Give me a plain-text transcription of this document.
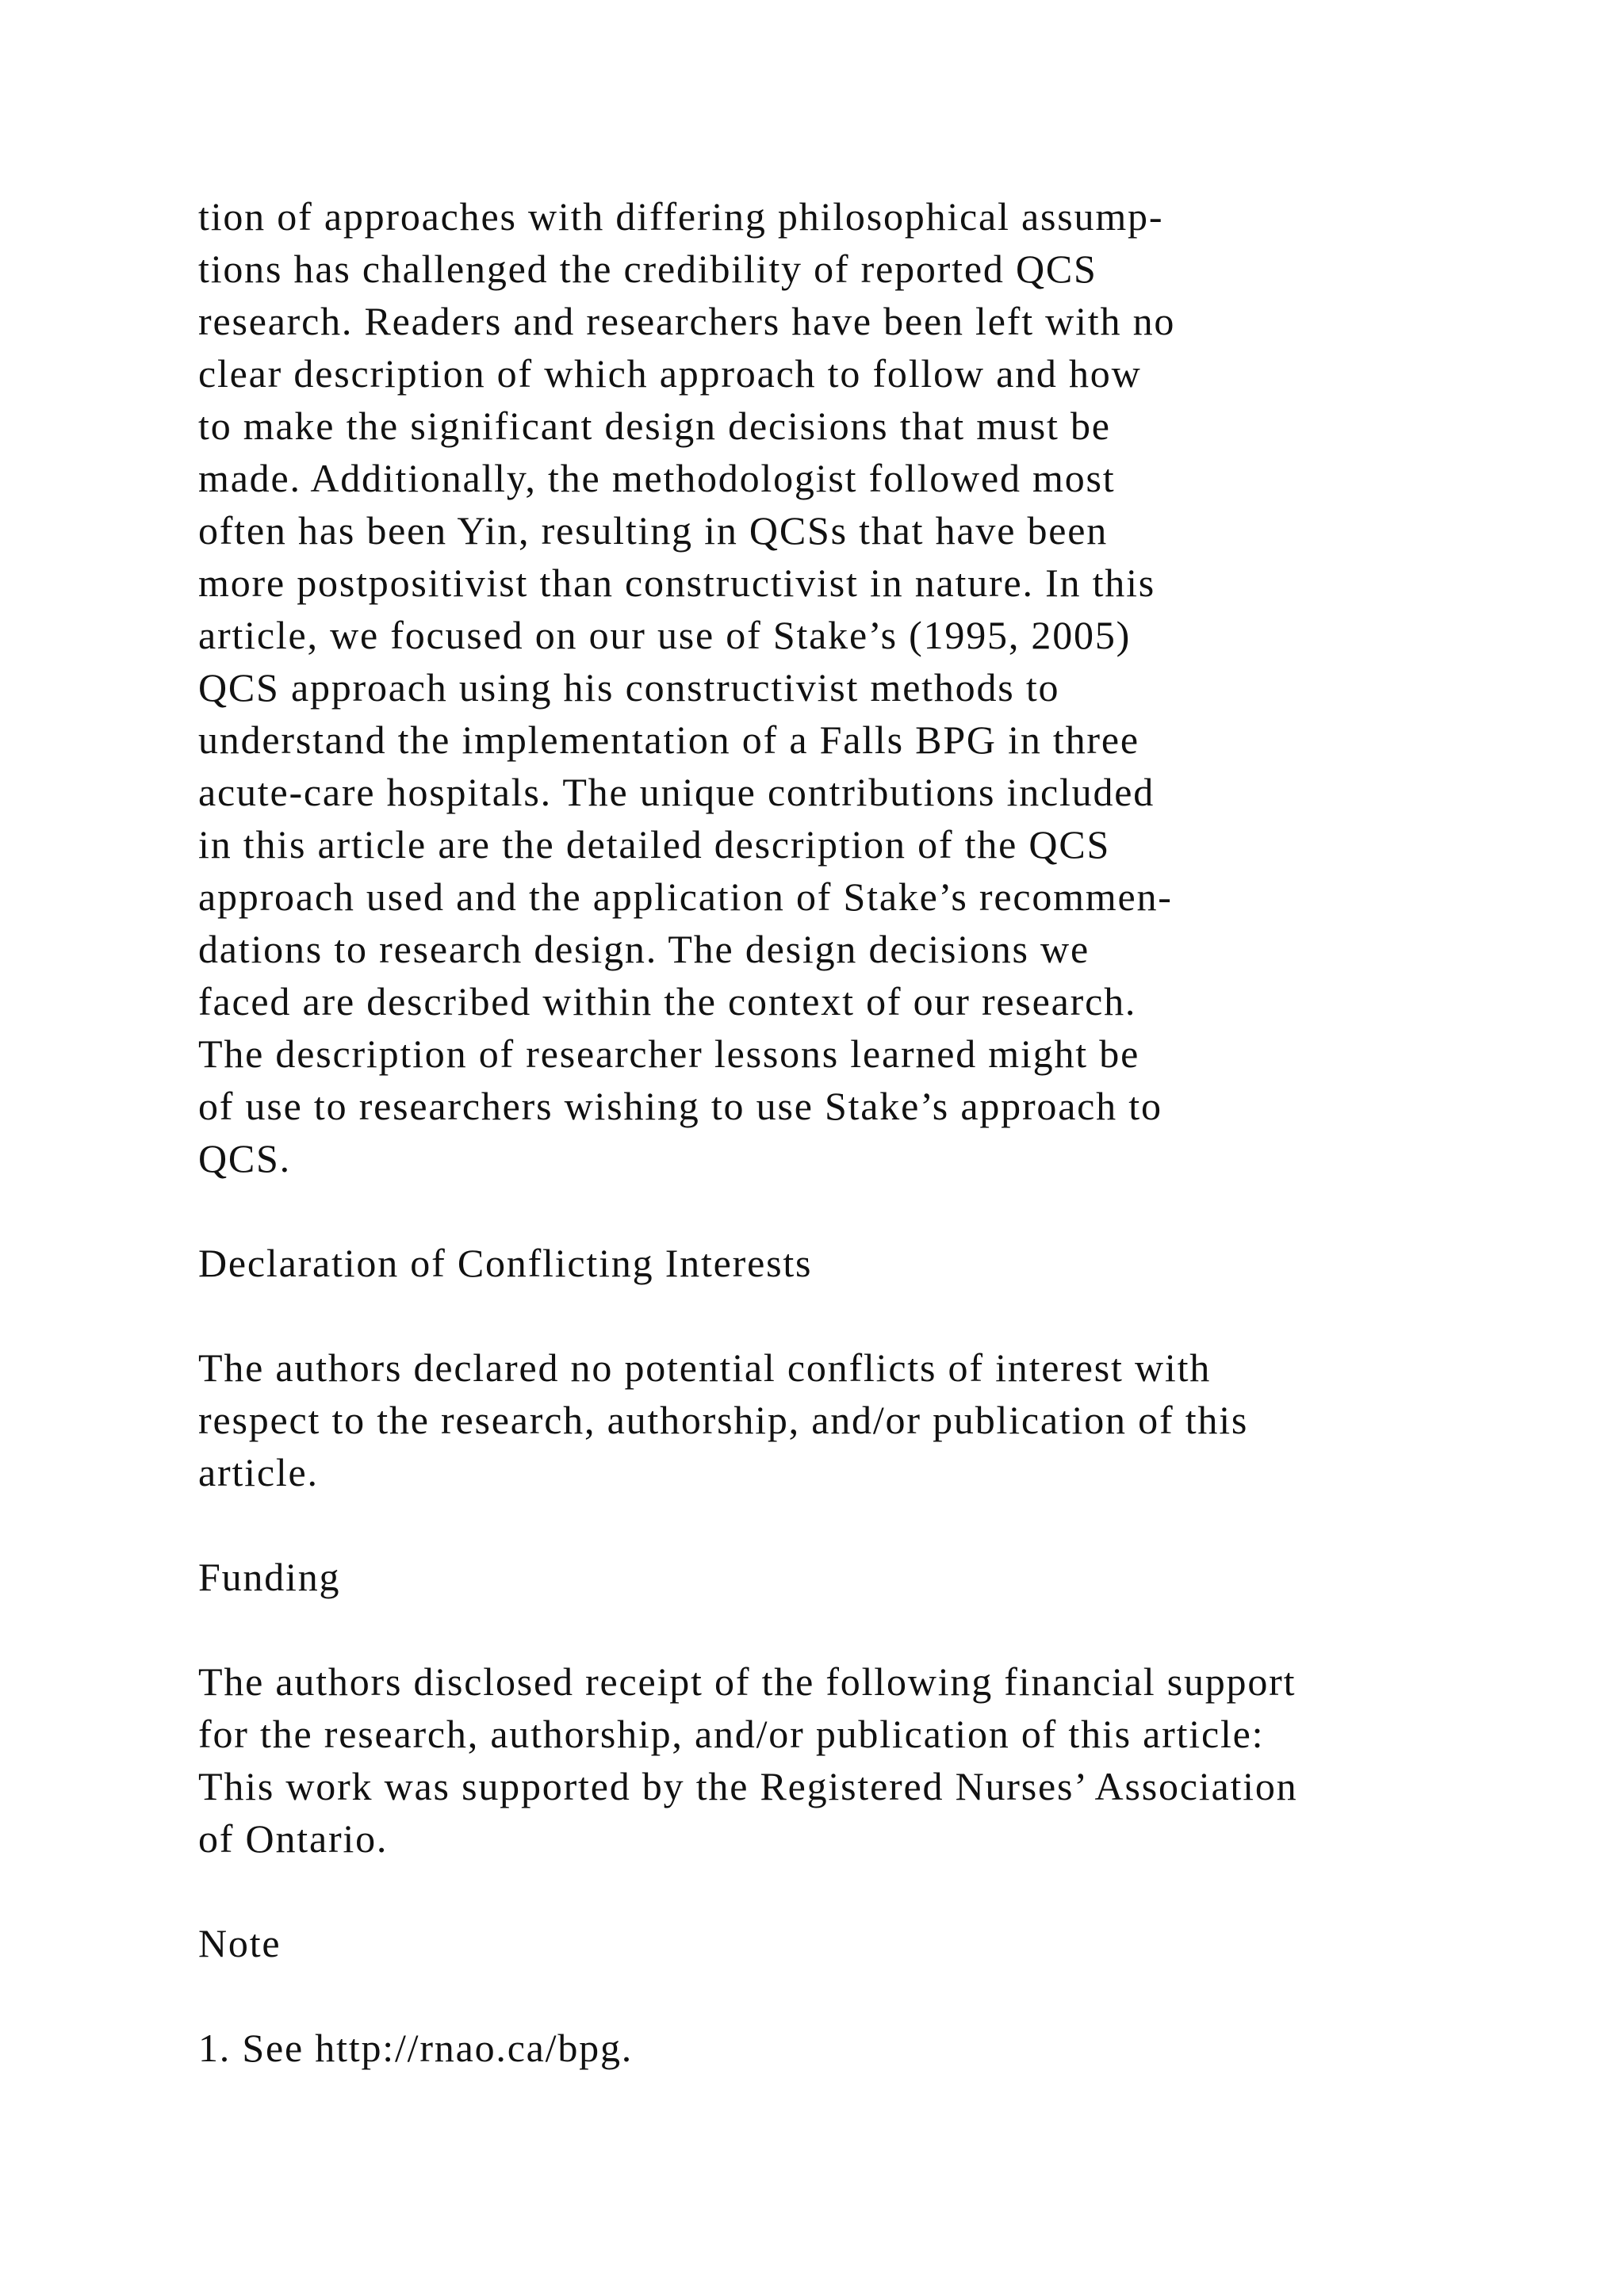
tion of approaches with differing philosophical assump-

tions has challenged the credibility of reported QCS

research. Readers and researchers have been left with no

clear description of which approach to follow and how

to make the significant design decisions that must be

made. Additionally, the methodologist followed most

often has been Yin, resulting in QCSs that have been

more postpositivist than constructivist in nature. In this

article, we focused on our use of Stake’s (1995, 2005)

QCS approach using his constructivist methods to

understand the implementation of a Falls BPG in three

acute-care hospitals. The unique contributions included

in this article are the detailed description of the QCS

approach used and the application of Stake’s recommen-

dations to research design. The design decisions we

faced are described within the context of our research.

The description of researcher lessons learned might be

of use to researchers wishing to use Stake’s approach to

QCS.

Declaration of Conflicting Interests

The authors declared no potential conflicts of interest with

respect to the research, authorship, and/or publication of this

article.

Funding

The authors disclosed receipt of the following financial support

for the research, authorship, and/or publication of this article:

This work was supported by the Registered Nurses’ Association

of Ontario.

Note

1. See http://rnao.ca/bpg.
